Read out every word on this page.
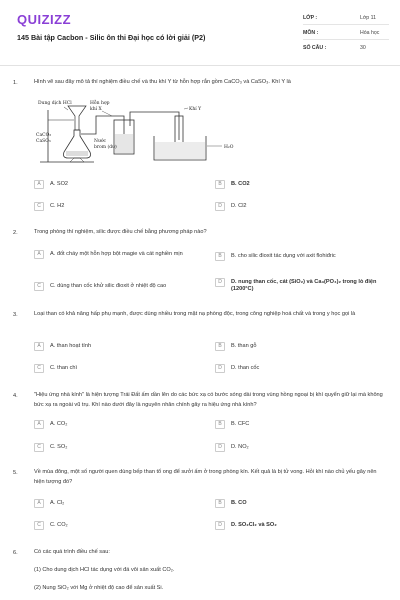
QUIZIZZ
145 Bài tập Cacbon - Silic ôn thi Đại học có lời giải (P2)
LỚP :	Lớp 11
MÔN :	Hóa học
SỐ CÂU :	30
1.	Hình vẽ sau đây mô tả thí nghiệm điều chế và thu khí Y từ hỗn hợp rắn gồm CaCO₃ và CaSO₃. Khí Y là
Dung dịch HCl
CaCO₃
CaSO₃
Hỗn hợp
khí X
Nước
brom (dư)
Khí Y
H₂O
A	A. SO2	B	B. CO2
C	C. H2	D	D. Cl2
2.	Trong phòng thí nghiệm, silic được điều chế bằng phương pháp nào?
A	A. đốt cháy một hỗn hợp bột magie và cát nghiền mịn	B	B. cho silic đioxit tác dụng với axit flohiđric
C	C. dùng than cốc khử silic đioxit ở nhiệt độ cao
D	D. nung than cốc, cát (SiO₂) và Ca₃(PO₄)₂ trong lò điện (1200°C)
3.	Loại than có khả năng hấp phụ mạnh, được dùng nhiều trong mặt nạ phòng độc, trong công nghiệp hoá chất và trong y học gọi là
A	A. than hoạt tính	B	B. than gỗ
C	C. than chì	D	D. than cốc
4.	"Hiệu ứng nhà kính" là hiện tượng Trái Đất ấm dần lên do các bức xạ có bước sóng dài trong vùng hồng ngoại bị khí quyển giữ lại mà không bức xạ ra ngoài vũ trụ. Khí nào dưới đây là nguyên nhân chính gây ra hiệu ứng nhà kính?
A	A. CO₂	B	B. CFC
C	C. SO₂	D	D. NO₂
5.	Về mùa đông, một số người quen dùng bếp than tổ ong để sưởi ấm ở trong phòng kín. Kết quả là bị tử vong. Hỏi khí nào chủ yếu gây nên hiện tượng đó?
A	A. Cl₂	B	B. CO
C	C. CO₂	D	D. SO₂Cl₂ và SO₂
6.	Có các quá trình điều chế sau:
(1) Cho dung dịch HCl tác dụng với đá vôi sản xuất CO₂.
(2) Nung SiO₂ với Mg ở nhiệt độ cao để sản xuất Si.
